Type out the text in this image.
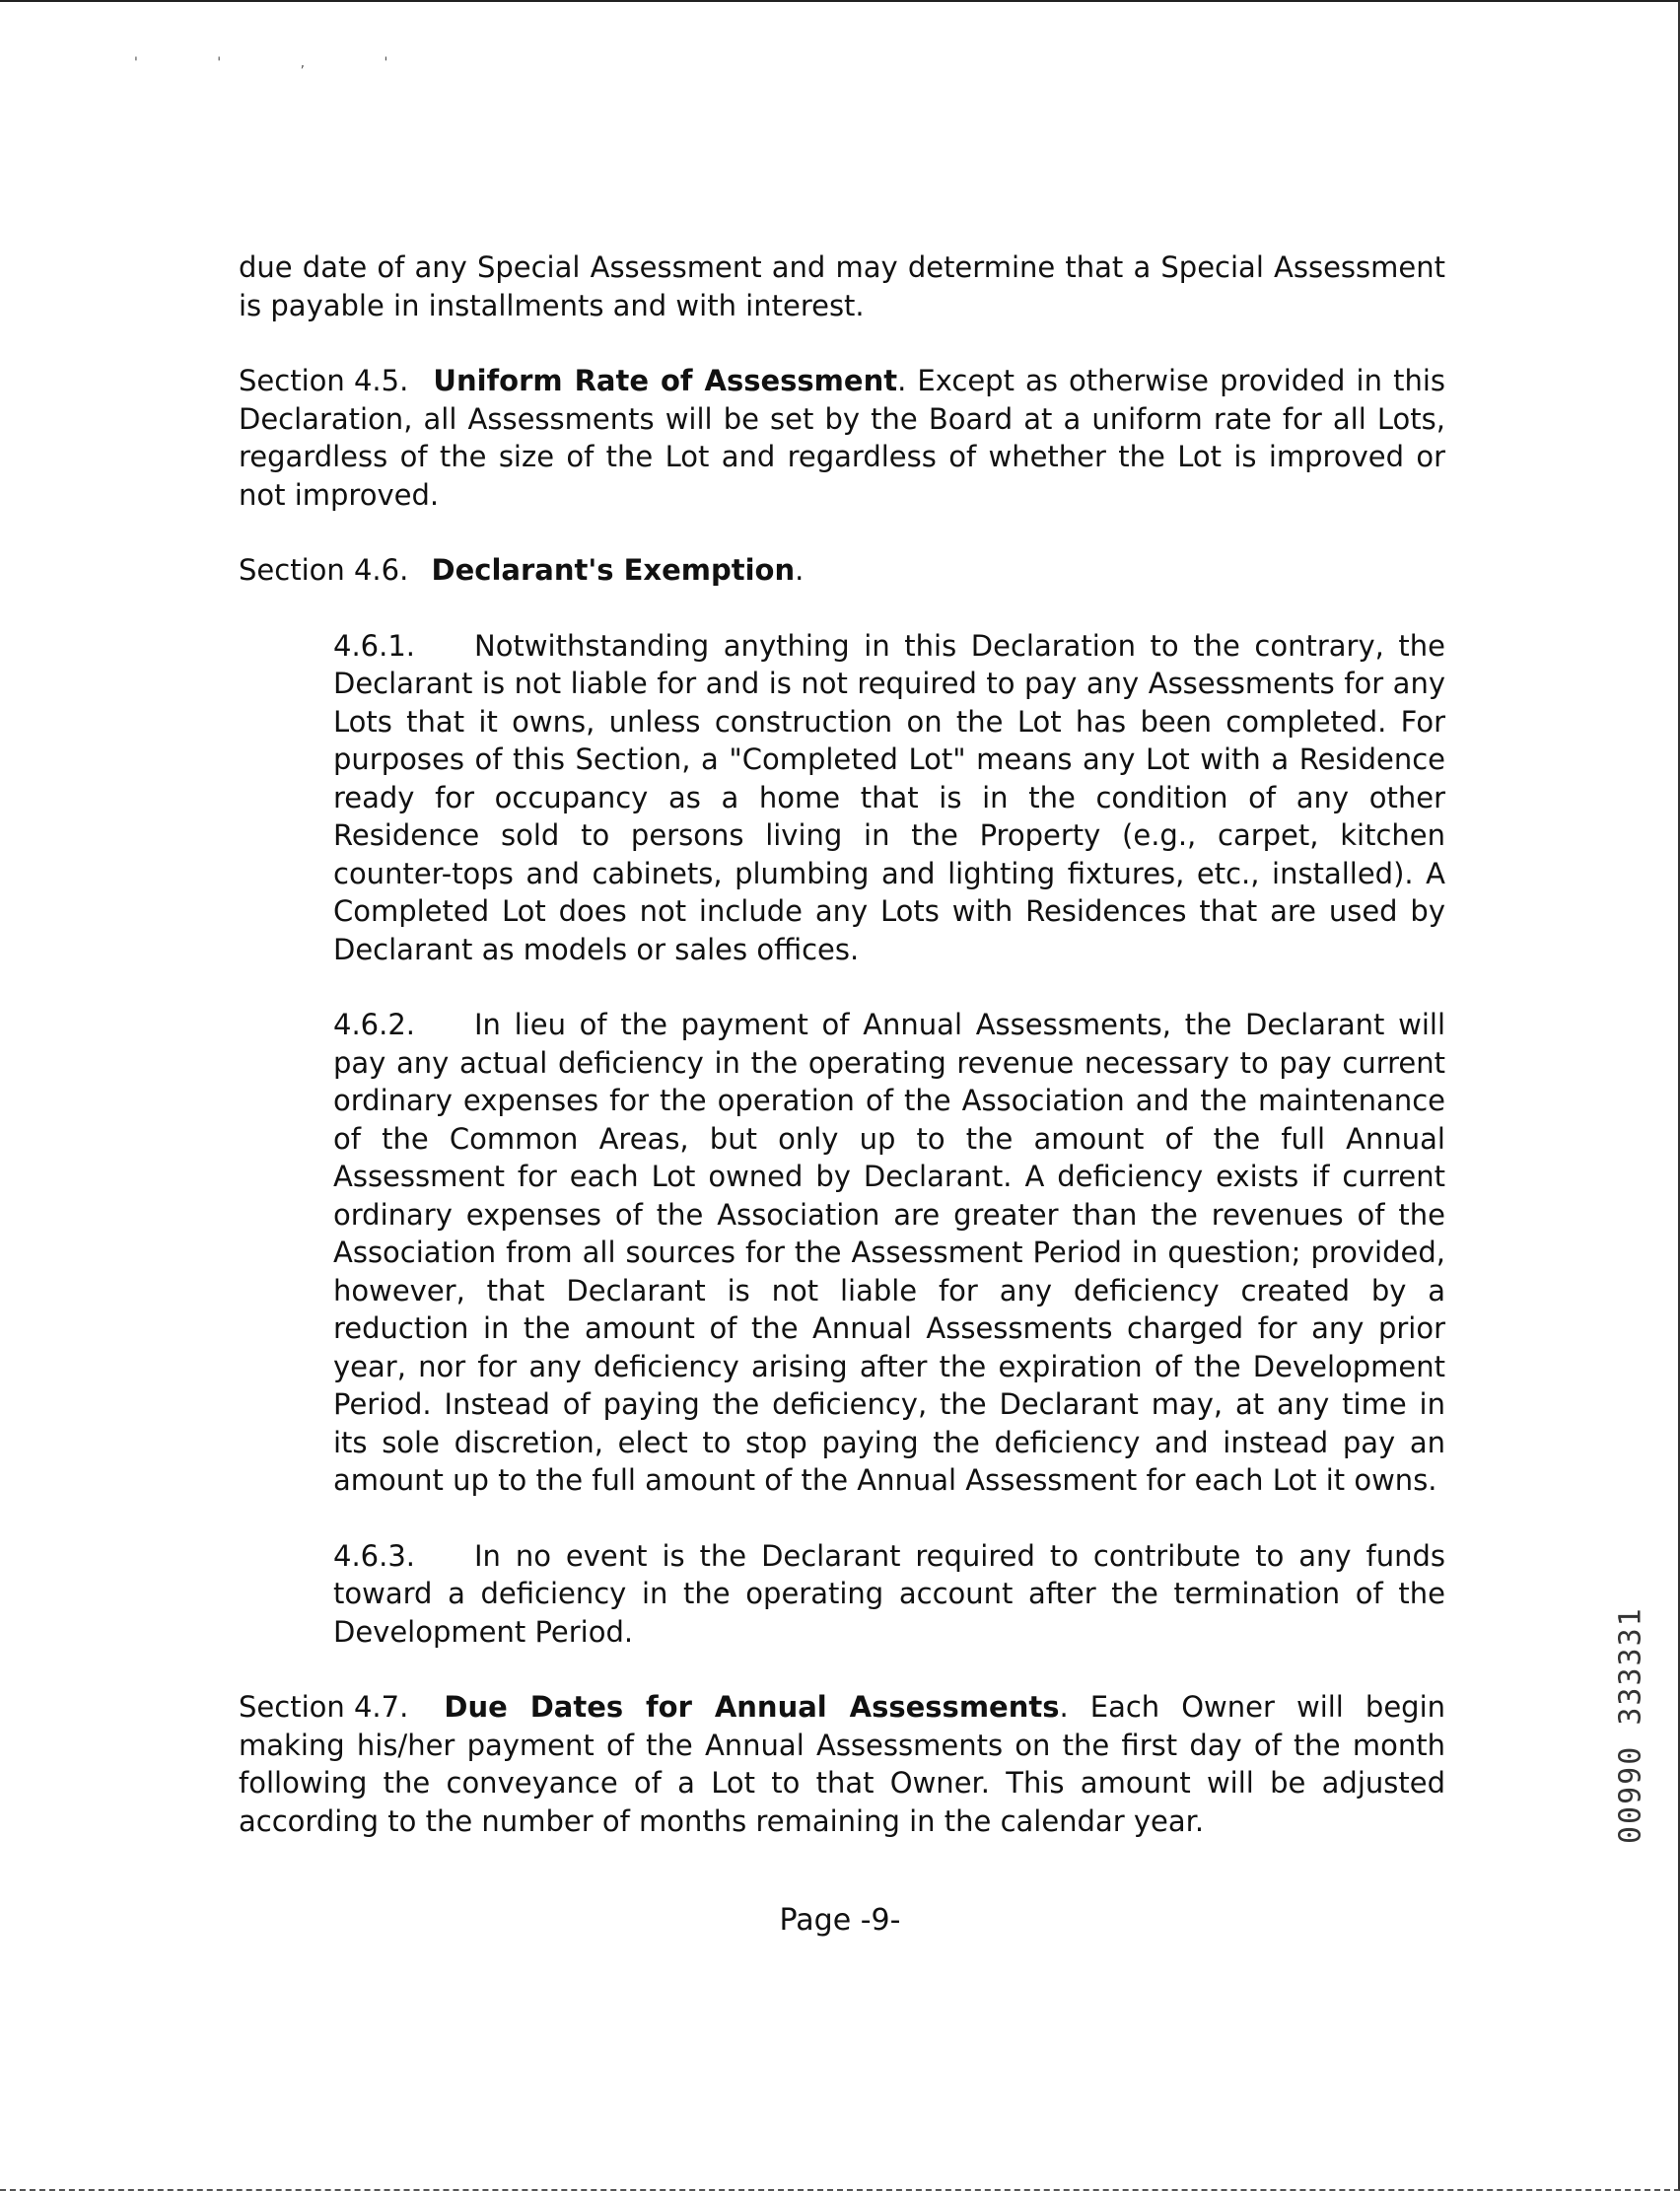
' ' , '

due date of any Special Assessment and may determine that a Special Assessment is payable in installments and with interest.

Section 4.5. Uniform Rate of Assessment. Except as otherwise provided in this Declaration, all Assessments will be set by the Board at a uniform rate for all Lots, regardless of the size of the Lot and regardless of whether the Lot is improved or not improved.

Section 4.6. Declarant's Exemption.

4.6.1. Notwithstanding anything in this Declaration to the contrary, the Declarant is not liable for and is not required to pay any Assessments for any Lots that it owns, unless construction on the Lot has been completed. For purposes of this Section, a "Completed Lot" means any Lot with a Residence ready for occupancy as a home that is in the condition of any other Residence sold to persons living in the Property (e.g., carpet, kitchen counter-tops and cabinets, plumbing and lighting fixtures, etc., installed). A Completed Lot does not include any Lots with Residences that are used by Declarant as models or sales offices.

4.6.2. In lieu of the payment of Annual Assessments, the Declarant will pay any actual deficiency in the operating revenue necessary to pay current ordinary expenses for the operation of the Association and the maintenance of the Common Areas, but only up to the amount of the full Annual Assessment for each Lot owned by Declarant. A deficiency exists if current ordinary expenses of the Association are greater than the revenues of the Association from all sources for the Assessment Period in question; provided, however, that Declarant is not liable for any deficiency created by a reduction in the amount of the Annual Assessments charged for any prior year, nor for any deficiency arising after the expiration of the Development Period. Instead of paying the deficiency, the Declarant may, at any time in its sole discretion, elect to stop paying the deficiency and instead pay an amount up to the full amount of the Annual Assessment for each Lot it owns.

4.6.3. In no event is the Declarant required to contribute to any funds toward a deficiency in the operating account after the termination of the Development Period.

Section 4.7. Due Dates for Annual Assessments. Each Owner will begin making his/her payment of the Annual Assessments on the first day of the month following the conveyance of a Lot to that Owner. This amount will be adjusted according to the number of months remaining in the calendar year.

Page -9-
00990 333331
